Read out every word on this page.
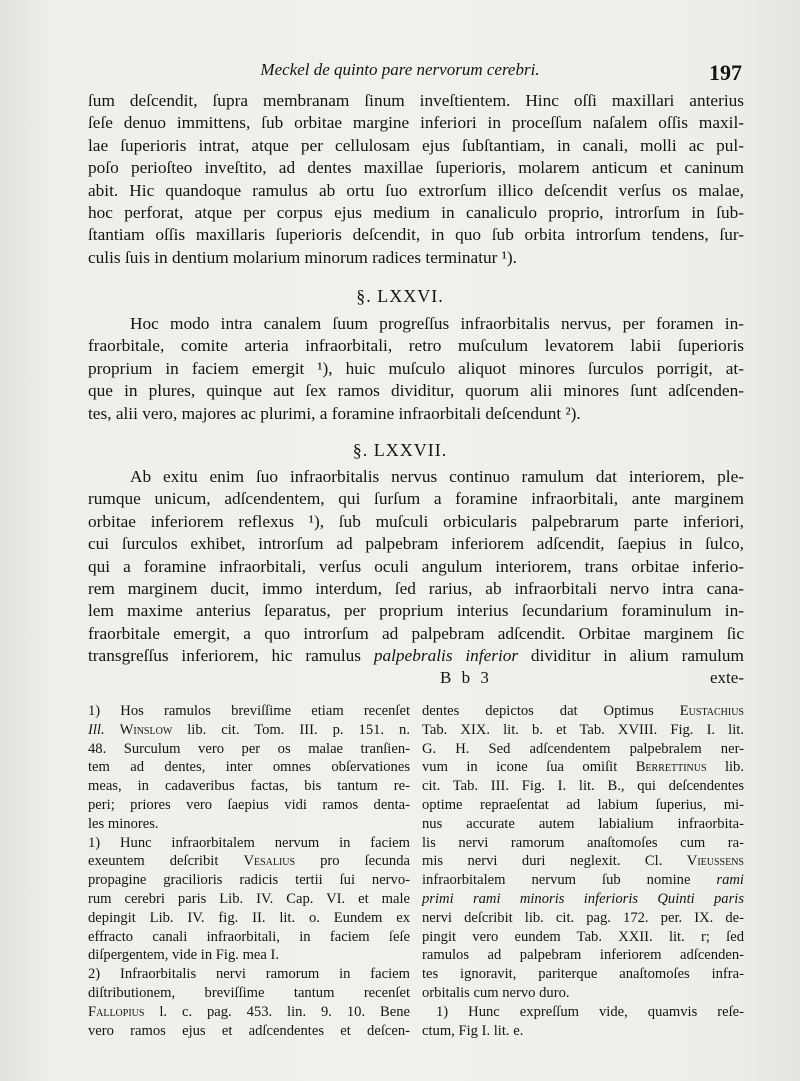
Meckel de quinto pare nervorum cerebri.	197
ſum deſcendit, ſupra membranam ſinum inveſtientem. Hinc oſſi maxillari anterius
ſeſe denuo immittens, ſub orbitae margine inferiori in proceſſum naſalem oſſis maxil-
lae ſuperioris intrat, atque per cellulosam ejus ſubſtantiam, in canali, molli ac pul-
poſo perioſteo inveſtito, ad dentes maxillae ſuperioris, molarem anticum et caninum
abit. Hic quandoque ramulus ab ortu ſuo extrorſum illico deſcendit verſus os malae,
hoc perforat, atque per corpus ejus medium in canaliculo proprio, introrſum in ſub-
ſtantiam oſſis maxillaris ſuperioris deſcendit, in quo ſub orbita introrſum tendens, ſur-
culis ſuis in dentium molarium minorum radices terminatur ¹).
§. LXXVI.
Hoc modo intra canalem ſuum progreſſus infraorbitalis nervus, per foramen in-
fraorbitale, comite arteria infraorbitali, retro muſculum levatorem labii ſuperioris
proprium in faciem emergit ¹), huic muſculo aliquot minores ſurculos porrigit, at-
que in plures, quinque aut ſex ramos dividitur, quorum alii minores ſunt adſcenden-
tes, alii vero, majores ac plurimi, a foramine infraorbitali deſcendunt ²).
§. LXXVII.
Ab exitu enim ſuo infraorbitalis nervus continuo ramulum dat interiorem, ple-
rumque unicum, adſcendentem, qui ſurſum a foramine infraorbitali, ante marginem
orbitae inferiorem reflexus ¹), ſub muſculi orbicularis palpebrarum parte inferiori,
cui ſurculos exhibet, introrſum ad palpebram inferiorem adſcendit, ſaepius in ſulco,
qui a foramine infraorbitali, verſus oculi angulum interiorem, trans orbitae inferio-
rem marginem ducit, immo interdum, ſed rarius, ab infraorbitali nervo intra cana-
lem maxime anterius ſeparatus, per proprium interius ſecundarium foraminulum in-
fraorbitale emergit, a quo introrſum ad palpebram adſcendit. Orbitae marginem ſic
transgreſſus inferiorem, hic ramulus palpebralis inferior dividitur in alium ramulum
B b 3	exte-
1) Hos ramulos breviſſime etiam recenſet
Ill. Winslow lib. cit. Tom. III. p. 151. n.
48. Surculum vero per os malae tranſien-
tem ad dentes, inter omnes obſervationes
meas, in cadaveribus factas, bis tantum re-
peri; priores vero ſaepius vidi ramos denta-
les minores.
1) Hunc infraorbitalem nervum in faciem
exeuntem deſcribit Vesalius pro ſecunda
propagine gracilioris radicis tertii ſui nervo-
rum cerebri paris Lib. IV. Cap. VI. et male
depingit Lib. IV. fig. II. lit. o. Eundem ex
effracto canali infraorbitali, in faciem ſeſe
diſpergentem, vide in Fig. mea I.
2) Infraorbitalis nervi ramorum in faciem
diſtributionem, breviſſime tantum recenſet
Fallopius l. c. pag. 453. lin. 9. 10. Bene
vero ramos ejus et adſcendentes et deſcen-
dentes depictos dat Optimus Eustachius
Tab. XIX. lit. b. et Tab. XVIII. Fig. I. lit.
G. H. Sed adſcendentem palpebralem ner-
vum in icone ſua omiſit Berrettinus lib.
cit. Tab. III. Fig. I. lit. B., qui deſcendentes
optime repraeſentat ad labium ſuperius, mi-
nus accurate autem labialium infraorbita-
lis nervi ramorum anaſtomoſes cum ra-
mis nervi duri neglexit. Cl. Vieussens
infraorbitalem nervum ſub nomine rami
primi rami minoris inferioris Quinti paris
nervi deſcribit lib. cit. pag. 172. per. IX. de-
pingit vero eundem Tab. XXII. lit. r; ſed
ramulos ad palpebram inferiorem adſcenden-
tes ignoravit, pariterque anaſtomoſes infra-
orbitalis cum nervo duro.
1) Hunc expreſſum vide, quamvis reſe-
ctum, Fig I. lit. e.
